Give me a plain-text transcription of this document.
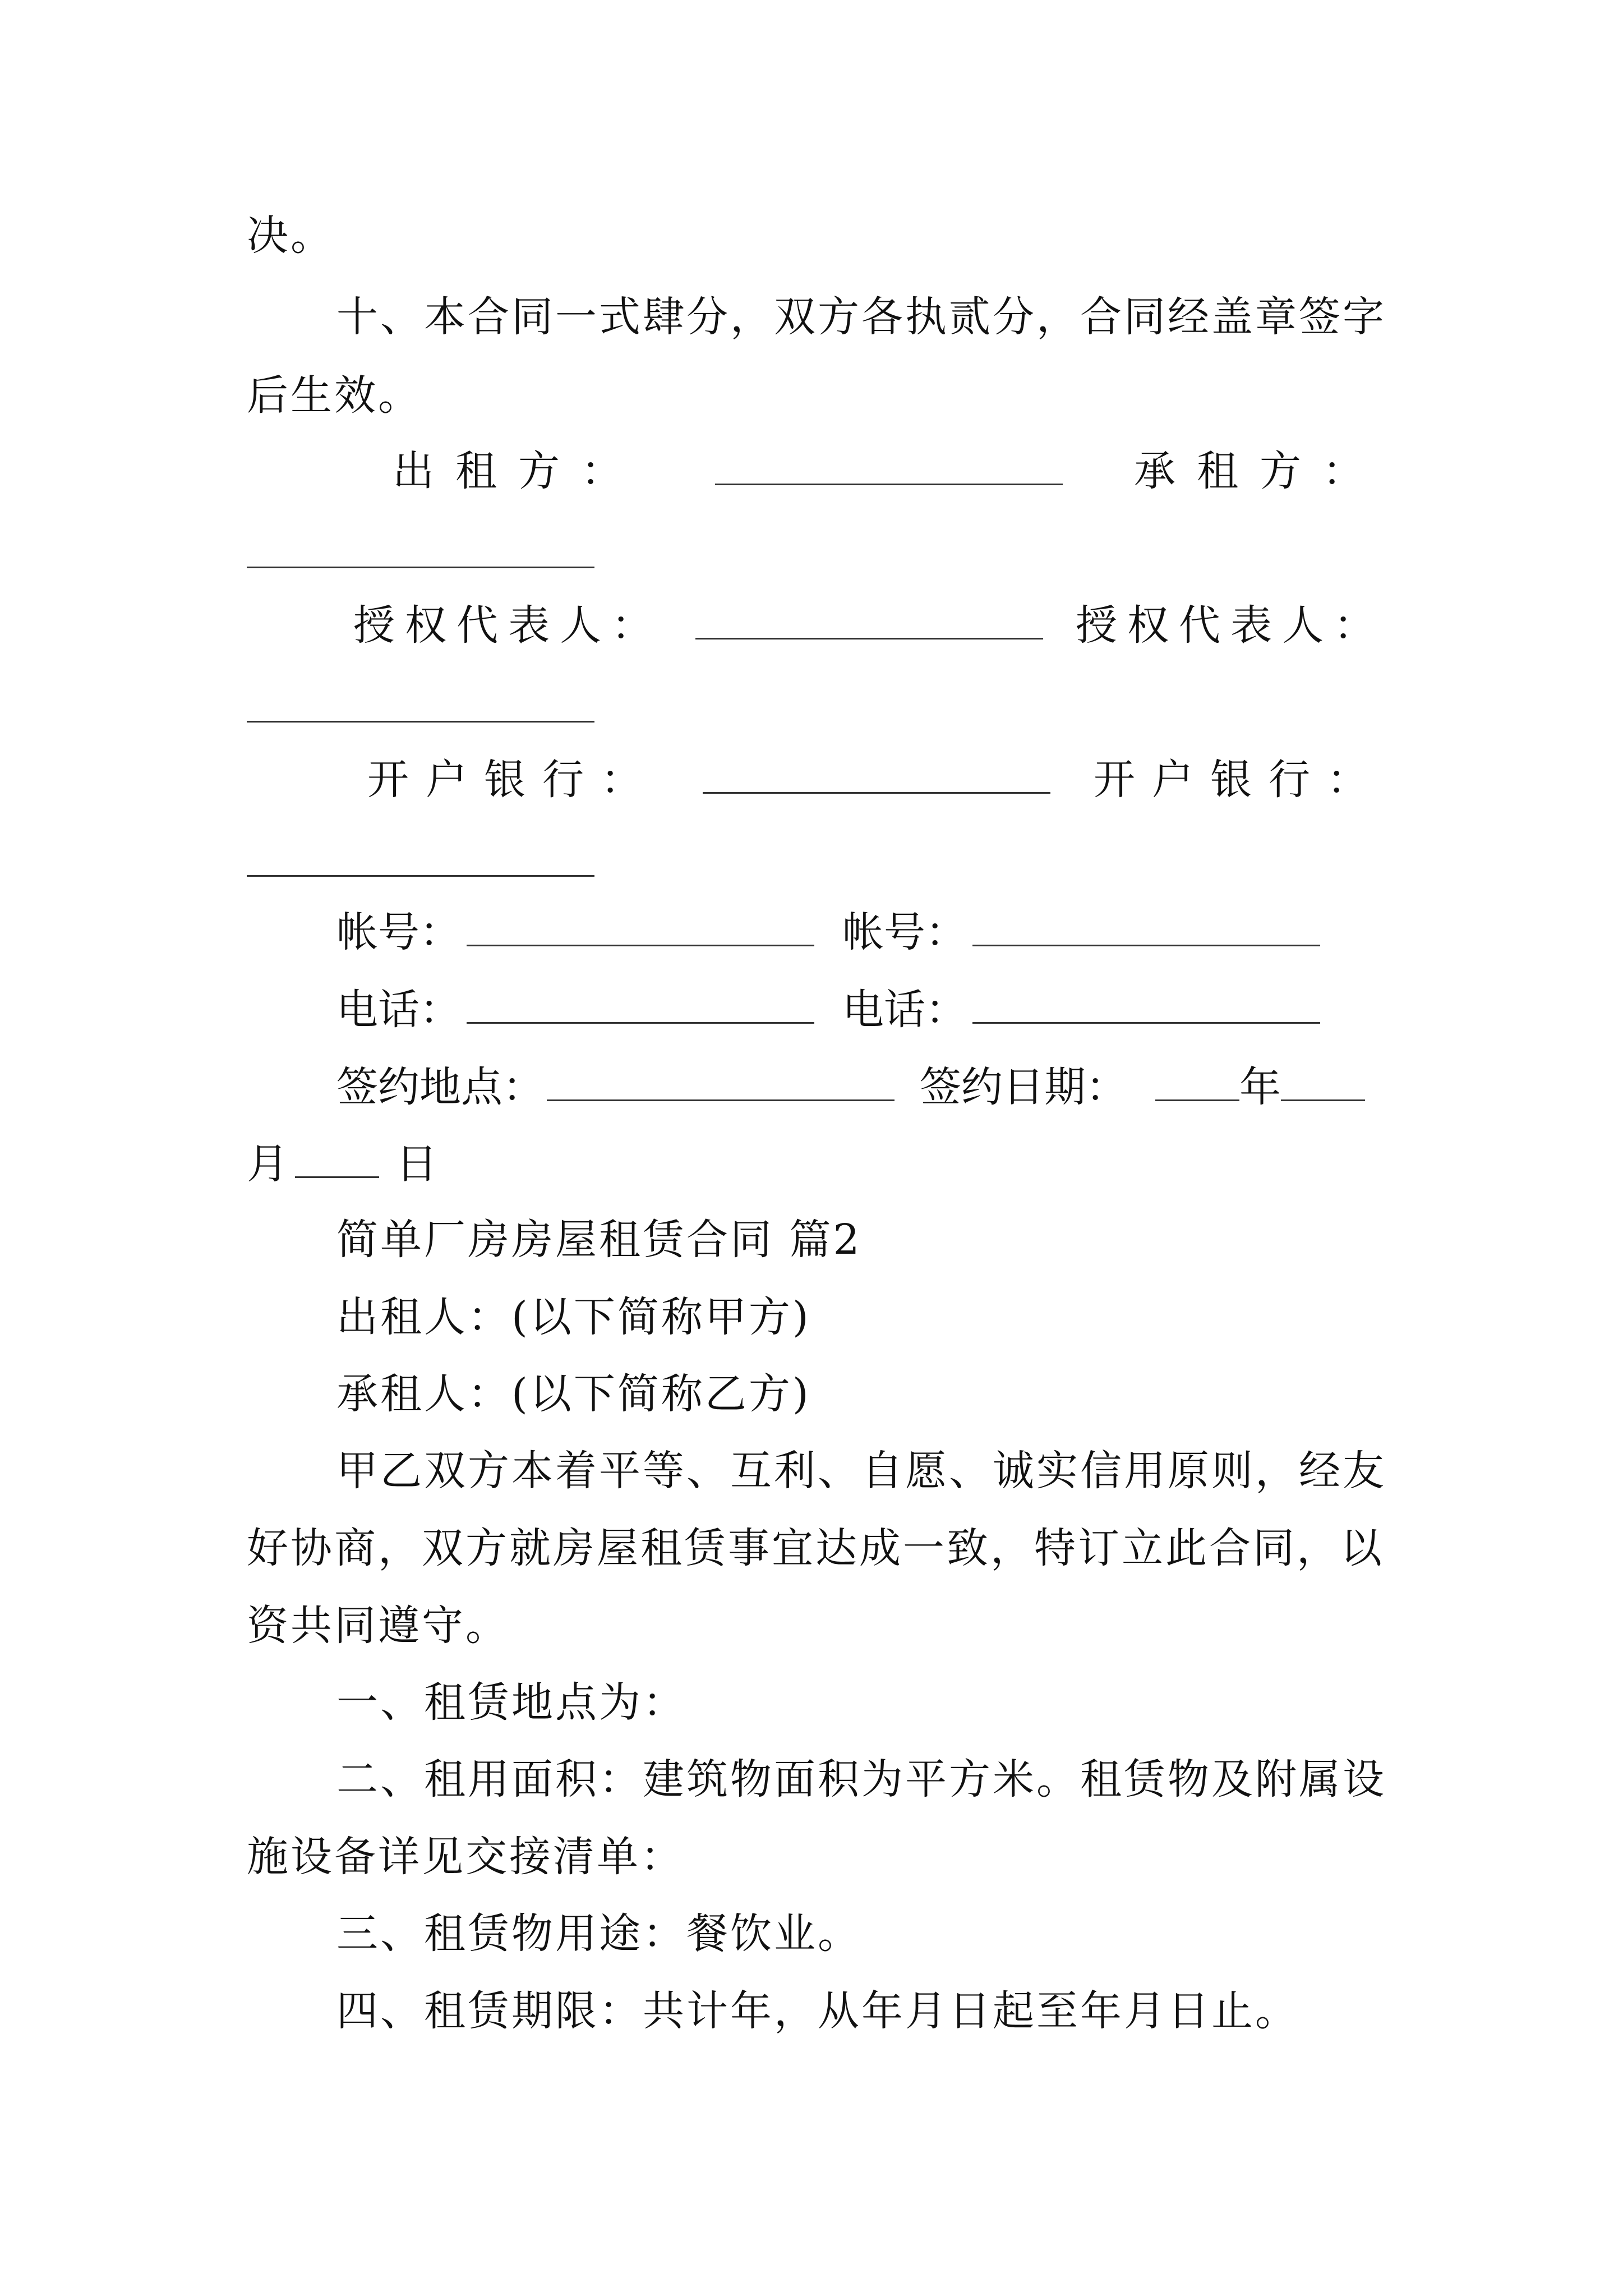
决。
十、本合同一式肆分，双方各执贰分，合同经盖章签字
后生效。
出租方：	承租方：
授权代表人：	授权代表人：
开户银行：	开户银行：
帐号：	帐号：
电话：	电话：
签约地点：	签约日期：	年
月	日
简单厂房房屋租赁合同 篇2
出租人：(以下简称甲方)
承租人：(以下简称乙方)
甲乙双方本着平等、互利、自愿、诚实信用原则，经友
好协商，双方就房屋租赁事宜达成一致，特订立此合同，以
资共同遵守。
一、租赁地点为：
二、租用面积：建筑物面积为平方米。租赁物及附属设
施设备详见交接清单：
三、租赁物用途：餐饮业。
四、租赁期限：共计年，从年月日起至年月日止。
